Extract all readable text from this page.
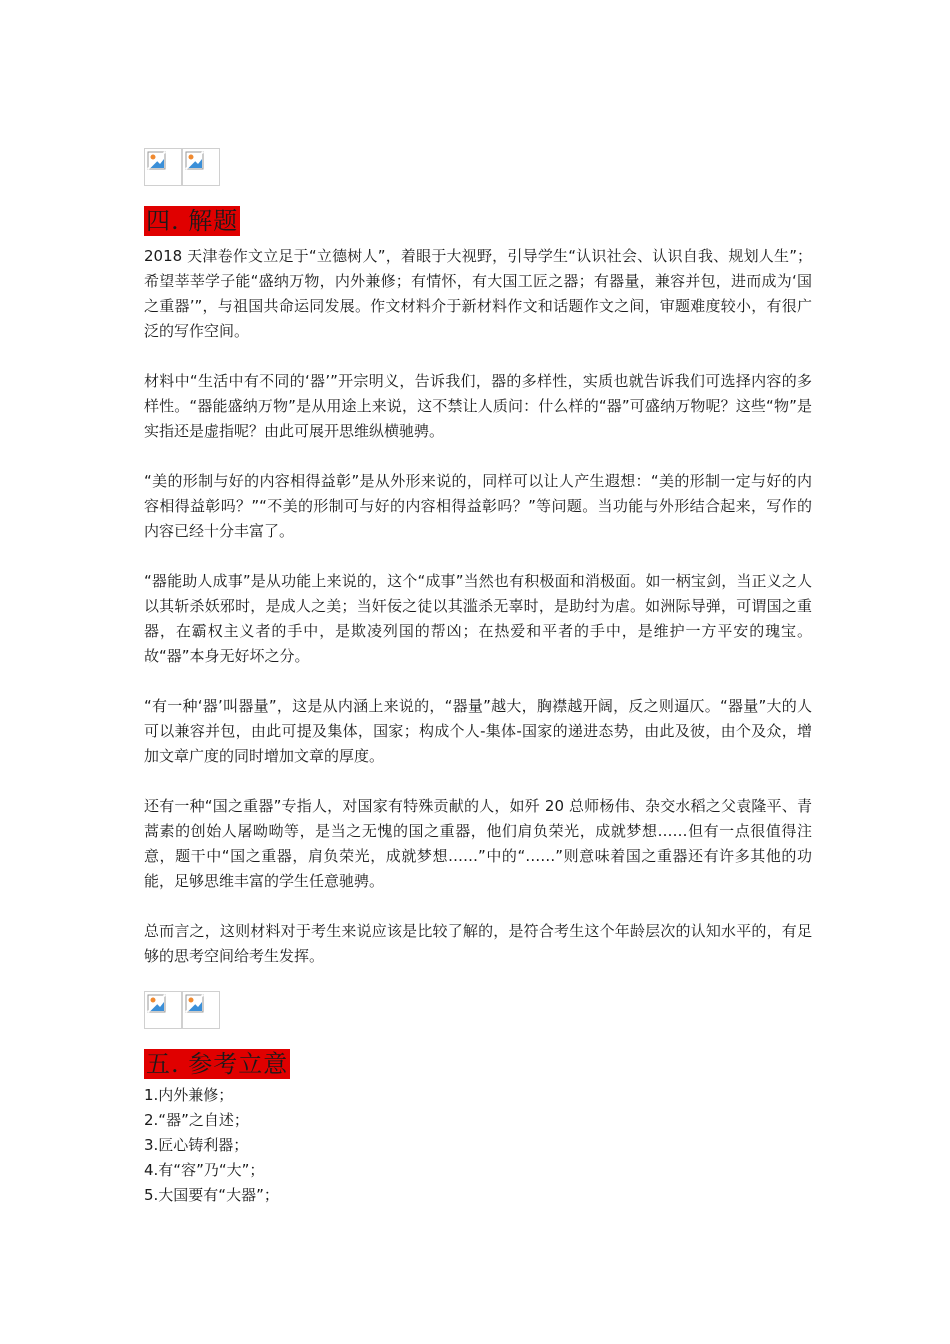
四. 解题

2018 天津卷作文立足于“立德树人”，着眼于大视野，引导学生“认识社会、认识自我、规划人生”；希望莘莘学子能“盛纳万物，内外兼修；有情怀，有大国工匠之器；有器量，兼容并包，进而成为‘国之重器’”，与祖国共命运同发展。作文材料介于新材料作文和话题作文之间，审题难度较小，有很广泛的写作空间。

材料中“生活中有不同的‘器’”开宗明义，告诉我们，器的多样性，实质也就告诉我们可选择内容的多样性。“器能盛纳万物”是从用途上来说，这不禁让人质问：什么样的“器”可盛纳万物呢？这些“物”是实指还是虚指呢？由此可展开思维纵横驰骋。

“美的形制与好的内容相得益彰”是从外形来说的，同样可以让人产生遐想：“美的形制一定与好的内容相得益彰吗？”“不美的形制可与好的内容相得益彰吗？”等问题。当功能与外形结合起来，写作的内容已经十分丰富了。

“器能助人成事”是从功能上来说的，这个“成事”当然也有积极面和消极面。如一柄宝剑，当正义之人以其斩杀妖邪时，是成人之美；当奸佞之徒以其滥杀无辜时，是助纣为虐。如洲际导弹，可谓国之重器，在霸权主义者的手中，是欺凌列国的帮凶；在热爱和平者的手中，是维护一方平安的瑰宝。故“器”本身无好坏之分。

“有一种‘器’叫器量”，这是从内涵上来说的，“器量”越大，胸襟越开阔，反之则逼仄。“器量”大的人可以兼容并包，由此可提及集体，国家；构成个人-集体-国家的递进态势，由此及彼，由个及众，增加文章广度的同时增加文章的厚度。

还有一种“国之重器”专指人，对国家有特殊贡献的人，如歼 20 总师杨伟、杂交水稻之父袁隆平、青蒿素的创始人屠呦呦等，是当之无愧的国之重器，他们肩负荣光，成就梦想……但有一点很值得注意，题干中“国之重器，肩负荣光，成就梦想……”中的“……”则意味着国之重器还有许多其他的功能，足够思维丰富的学生任意驰骋。

总而言之，这则材料对于考生来说应该是比较了解的，是符合考生这个年龄层次的认知水平的，有足够的思考空间给考生发挥。

五. 参考立意

1.内外兼修；

2.“器”之自述；

3.匠心铸利器；

4.有“容”乃“大”；

5.大国要有“大器”；
